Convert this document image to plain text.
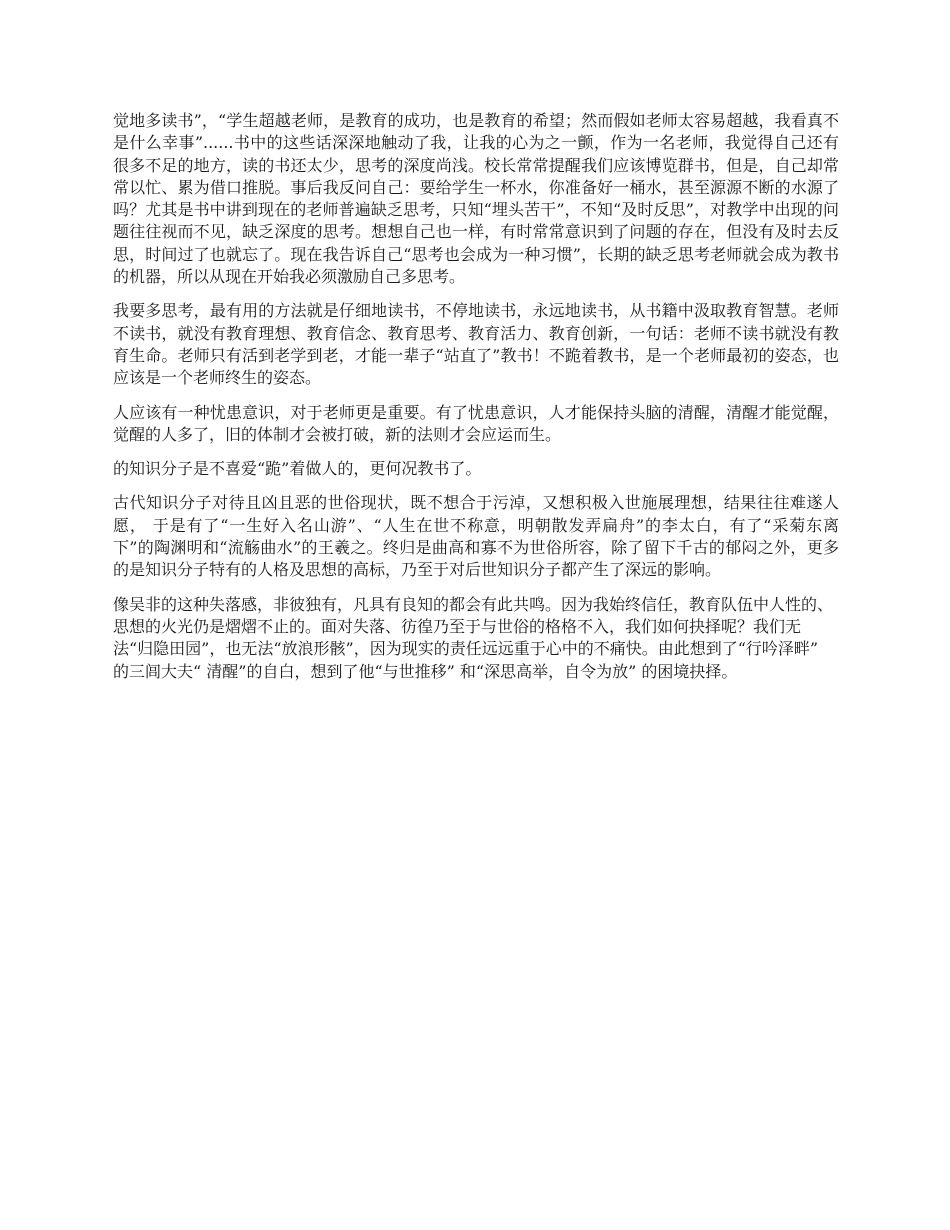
觉地多读书”，“学生超越老师，是教育的成功，也是教育的希望；然而假如老师太容易超越，我看真不是什么幸事”......书中的这些话深深地触动了我，让我的心为之一颤，作为一名老师，我觉得自己还有很多不足的地方，读的书还太少，思考的深度尚浅。校长常常提醒我们应该博览群书，但是，自己却常常以忙、累为借口推脱。事后我反问自己：要给学生一杯水，你准备好一桶水，甚至源源不断的水源了吗？尤其是书中讲到现在的老师普遍缺乏思考，只知“埋头苦干”，不知“及时反思”，对教学中出现的问题往往视而不见，缺乏深度的思考。想想自己也一样，有时常常意识到了问题的存在，但没有及时去反思，时间过了也就忘了。现在我告诉自己“思考也会成为一种习惯”，长期的缺乏思考老师就会成为教书的机器，所以从现在开始我必须激励自己多思考。

我要多思考，最有用的方法就是仔细地读书，不停地读书，永远地读书，从书籍中汲取教育智慧。老师不读书，就没有教育理想、教育信念、教育思考、教育活力、教育创新，一句话：老师不读书就没有教育生命。老师只有活到老学到老，才能一辈子“站直了”教书！不跪着教书，是一个老师最初的姿态，也应该是一个老师终生的姿态。

人应该有一种忧患意识，对于老师更是重要。有了忧患意识，人才能保持头脑的清醒，清醒才能觉醒，觉醒的人多了，旧的体制才会被打破，新的法则才会应运而生。

的知识分子是不喜爱“跪”着做人的，更何况教书了。

古代知识分子对待且凶且恶的世俗现状，既不想合于污淖，又想积极入世施展理想，结果往往难遂人愿， 于是有了“一生好入名山游”、“人生在世不称意，明朝散发弄扁舟”的李太白，有了“采菊东离下”的陶渊明和“流觞曲水”的王羲之。终归是曲高和寡不为世俗所容，除了留下千古的郁闷之外，更多的是知识分子特有的人格及思想的高标，乃至于对后世知识分子都产生了深远的影响。

像吴非的这种失落感，非彼独有，凡具有良知的都会有此共鸣。因为我始终信任，教育队伍中人性的、思想的火光仍是熠熠不止的。面对失落、彷徨乃至于与世俗的格格不入，我们如何抉择呢？我们无法“归隐田园”，也无法“放浪形骸”，因为现实的责任远远重于心中的不痛快。由此想到了“行吟泽畔” 的三闾大夫“ 清醒”的自白，想到了他“与世推移” 和“深思高举，自令为放” 的困境抉择。
